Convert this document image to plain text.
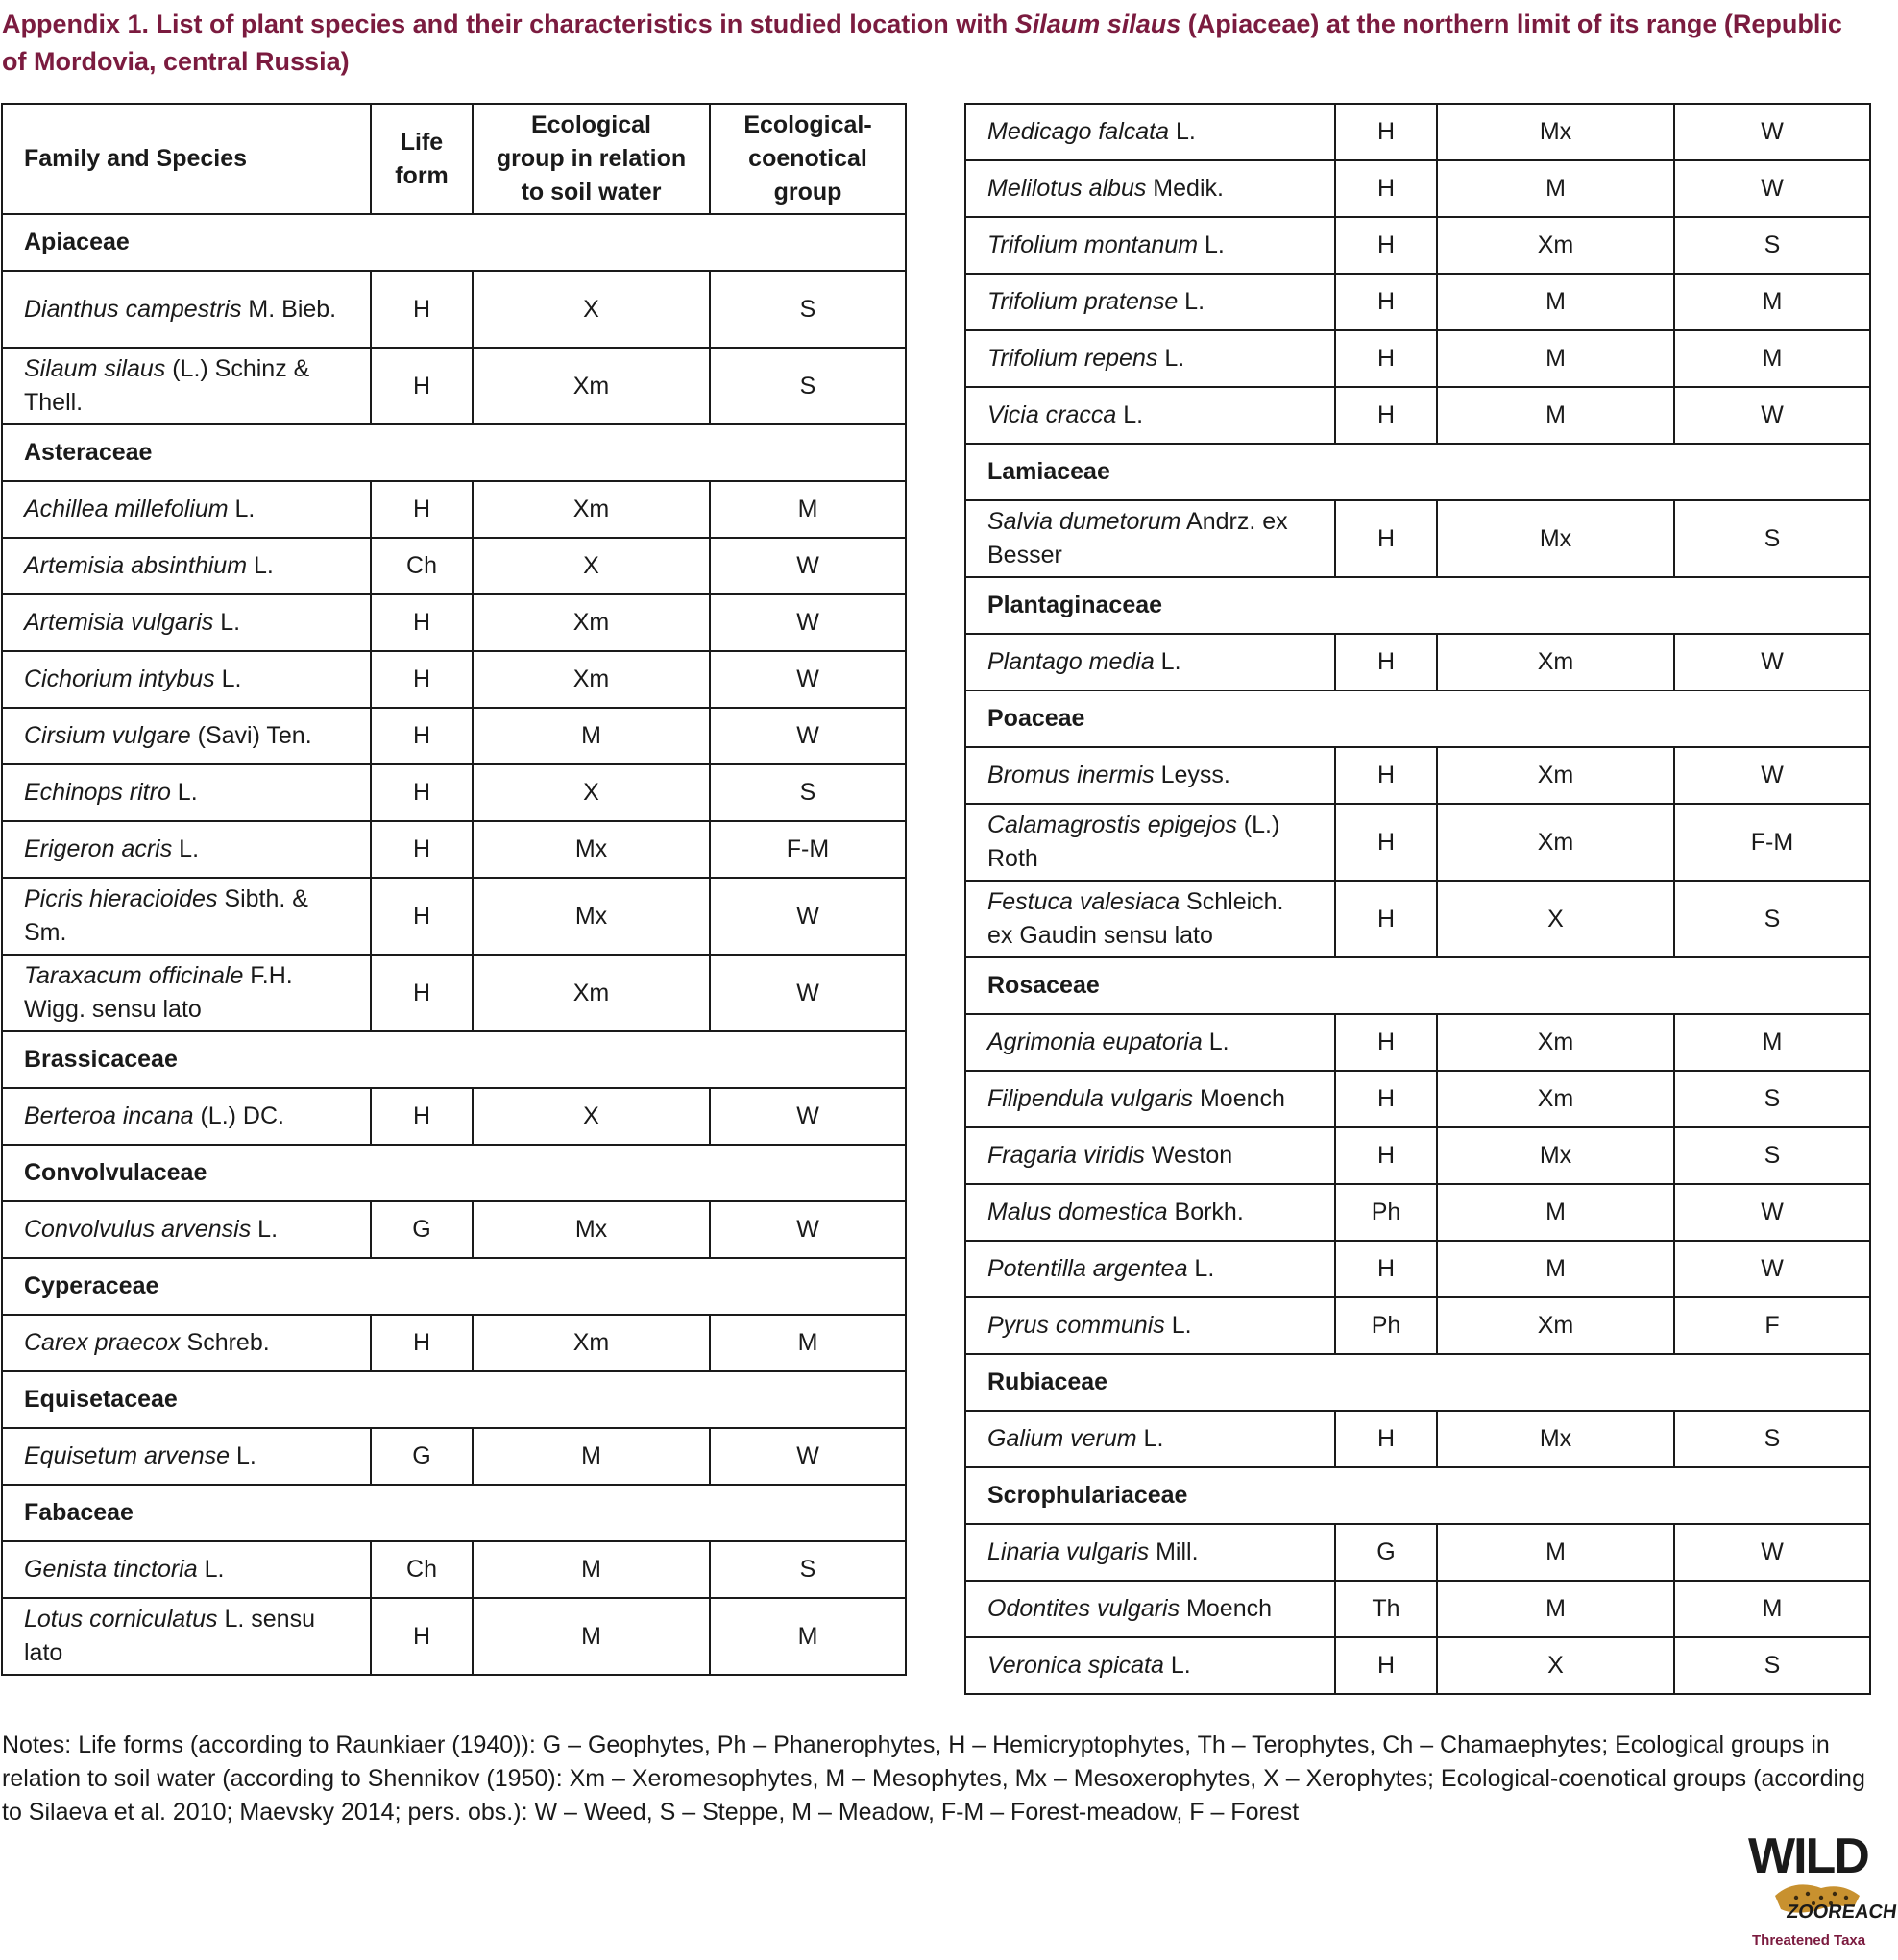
Appendix 1. List of plant species and their characteristics in studied location with Silaum silaus (Apiaceae) at the northern limit of its range (Republic of Mordovia, central Russia)
Family and Species	Life form	Ecological group in relation to soil water	Ecological-coenotical group
Apiaceae			
Dianthus campestris M. Bieb.	H	X	S
Silaum silaus (L.) Schinz & Thell.	H	Xm	S
Asteraceae			
Achillea millefolium L.	H	Xm	M
Artemisia absinthium L.	Ch	X	W
Artemisia vulgaris L.	H	Xm	W
Cichorium intybus L.	H	Xm	W
Cirsium vulgare (Savi) Ten.	H	M	W
Echinops ritro L.	H	X	S
Erigeron acris L.	H	Mx	F-M
Picris hieracioides Sibth. & Sm.	H	Mx	W
Taraxacum officinale F.H. Wigg. sensu lato	H	Xm	W
Brassicaceae			
Berteroa incana (L.) DC.	H	X	W
Convolvulaceae			
Convolvulus arvensis L.	G	Mx	W
Cyperaceae			
Carex praecox Schreb.	H	Xm	M
Equisetaceae			
Equisetum arvense L.	G	M	W
Fabaceae			
Genista tinctoria L.	Ch	M	S
Lotus corniculatus L. sensu lato	H	M	M
Medicago falcata L.	H	Mx	W
Melilotus albus Medik.	H	M	W
Trifolium montanum L.	H	Xm	S
Trifolium pratense L.	H	M	M
Trifolium repens L.	H	M	M
Vicia cracca L.	H	M	W
Lamiaceae			
Salvia dumetorum Andrz. ex Besser	H	Mx	S
Plantaginaceae			
Plantago media L.	H	Xm	W
Poaceae			
Bromus inermis Leyss.	H	Xm	W
Calamagrostis epigejos (L.) Roth	H	Xm	F-M
Festuca valesiaca Schleich. ex Gaudin sensu lato	H	X	S
Rosaceae			
Agrimonia eupatoria L.	H	Xm	M
Filipendula vulgaris Moench	H	Xm	S
Fragaria viridis Weston	H	Mx	S
Malus domestica Borkh.	Ph	M	W
Potentilla argentea L.	H	M	W
Pyrus communis L.	Ph	Xm	F
Rubiaceae			
Galium verum L.	H	Mx	S
Scrophulariaceae			
Linaria vulgaris Mill.	G	M	W
Odontites vulgaris Moench	Th	M	M
Veronica spicata L.	H	X	S
Notes: Life forms (according to Raunkiaer (1940)): G – Geophytes, Ph – Phanerophytes, H – Hemicryptophytes, Th – Terophytes, Ch – Chamaephytes; Ecological groups in relation to soil water (according to Shennikov (1950): Xm – Xeromesophytes, M – Mesophytes, Mx – Mesoxerophytes, X – Xerophytes; Ecological-coenotical groups (according to Silaeva et al. 2010; Maevsky 2014; pers. obs.): W – Weed, S – Steppe, M – Meadow, F-M – Forest-meadow, F – Forest
WILD
ZOOREACH
Threatened Taxa
